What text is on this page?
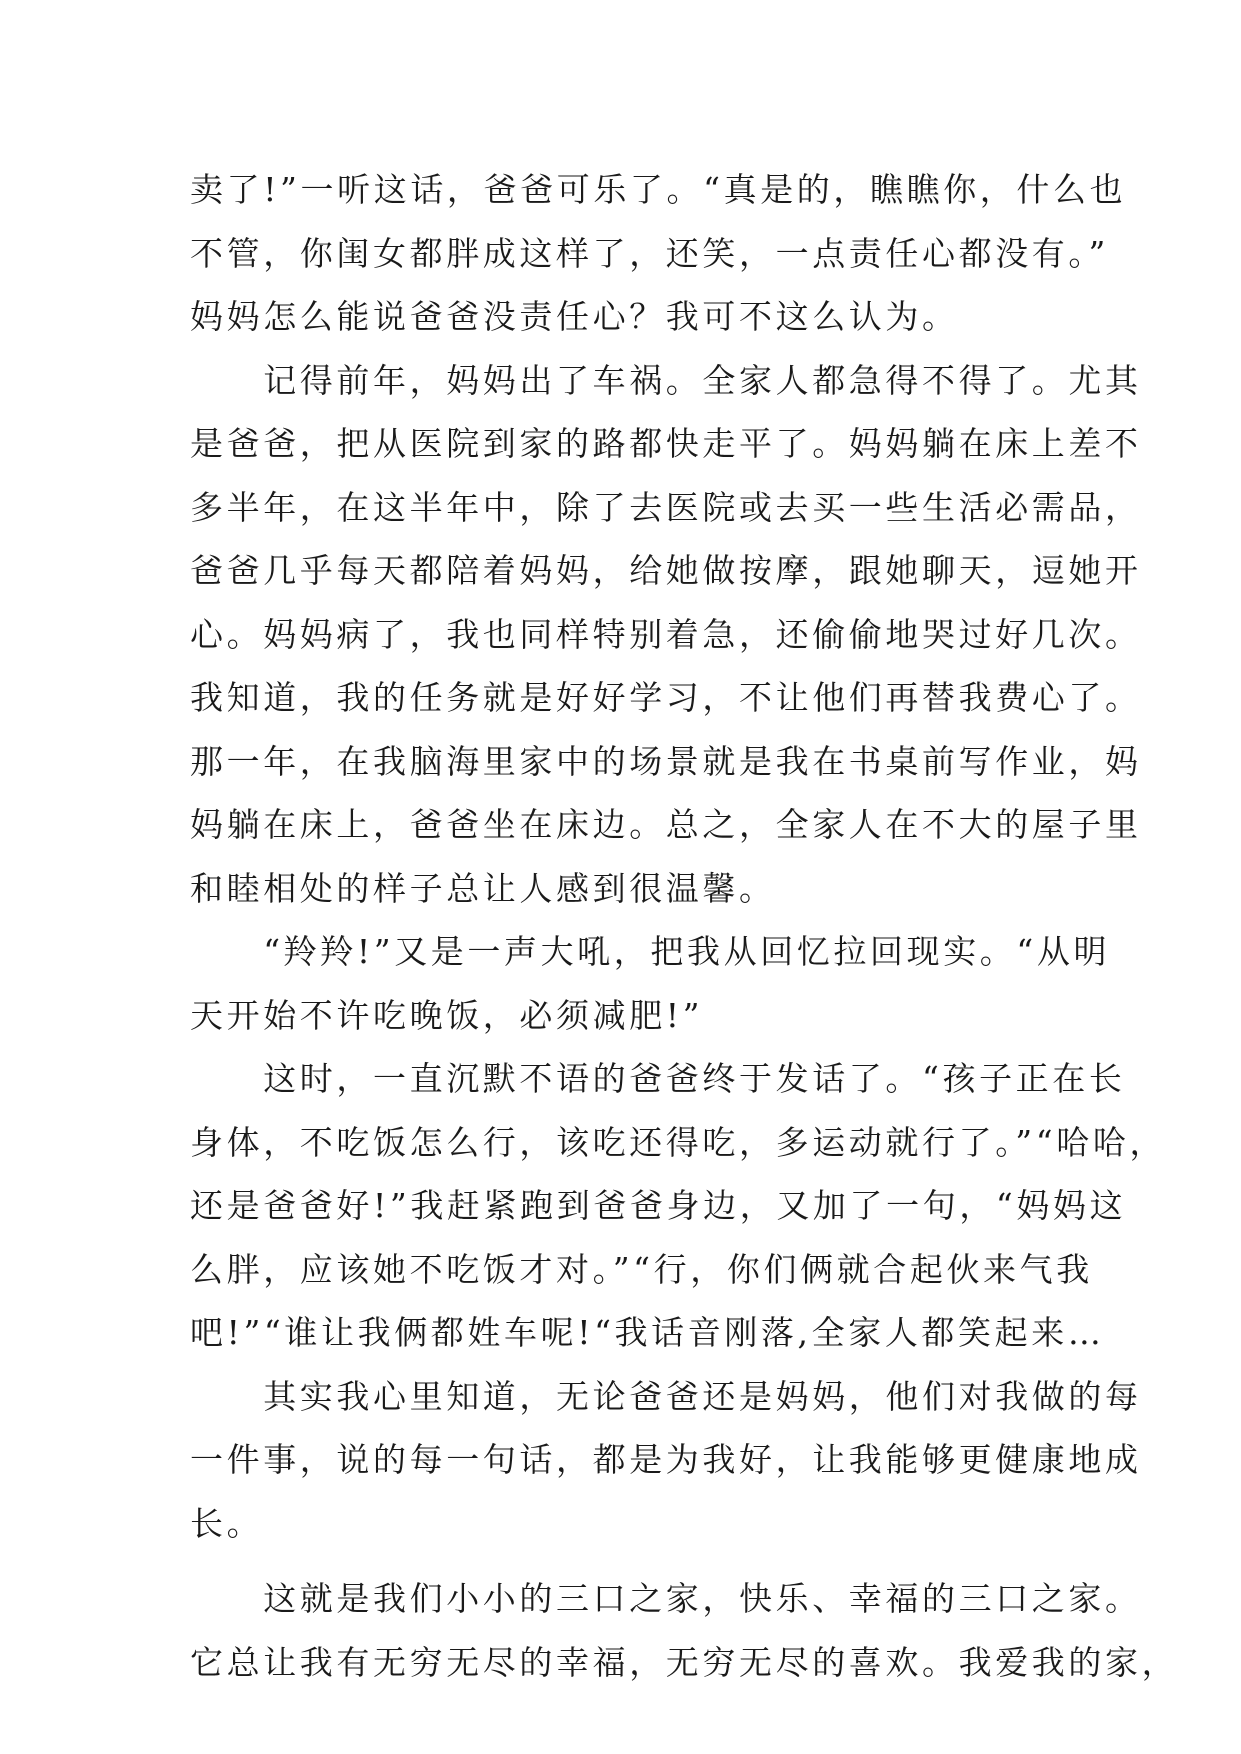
卖了!”一听这话，爸爸可乐了。“真是的，瞧瞧你，什么也
不管，你闺女都胖成这样了，还笑，一点责任心都没有。”
妈妈怎么能说爸爸没责任心？我可不这么认为。
　　记得前年，妈妈出了车祸。全家人都急得不得了。尤其
是爸爸，把从医院到家的路都快走平了。妈妈躺在床上差不
多半年，在这半年中，除了去医院或去买一些生活必需品，
爸爸几乎每天都陪着妈妈，给她做按摩，跟她聊天，逗她开
心。妈妈病了，我也同样特别着急，还偷偷地哭过好几次。
我知道，我的任务就是好好学习，不让他们再替我费心了。
那一年，在我脑海里家中的场景就是我在书桌前写作业，妈
妈躺在床上，爸爸坐在床边。总之，全家人在不大的屋子里
和睦相处的样子总让人感到很温馨。
　　“羚羚!”又是一声大吼，把我从回忆拉回现实。“从明
天开始不许吃晚饭，必须减肥!”
　　这时，一直沉默不语的爸爸终于发话了。“孩子正在长
身体，不吃饭怎么行，该吃还得吃，多运动就行了。”“哈哈，
还是爸爸好!”我赶紧跑到爸爸身边，又加了一句，“妈妈这
么胖，应该她不吃饭才对。”“行，你们俩就合起伙来气我
吧!”“谁让我俩都姓车呢!“我话音刚落,全家人都笑起来…
　　其实我心里知道，无论爸爸还是妈妈，他们对我做的每
一件事，说的每一句话，都是为我好，让我能够更健康地成
长。
　　这就是我们小小的三口之家，快乐、幸福的三口之家。
它总让我有无穷无尽的幸福，无穷无尽的喜欢。我爱我的家，
